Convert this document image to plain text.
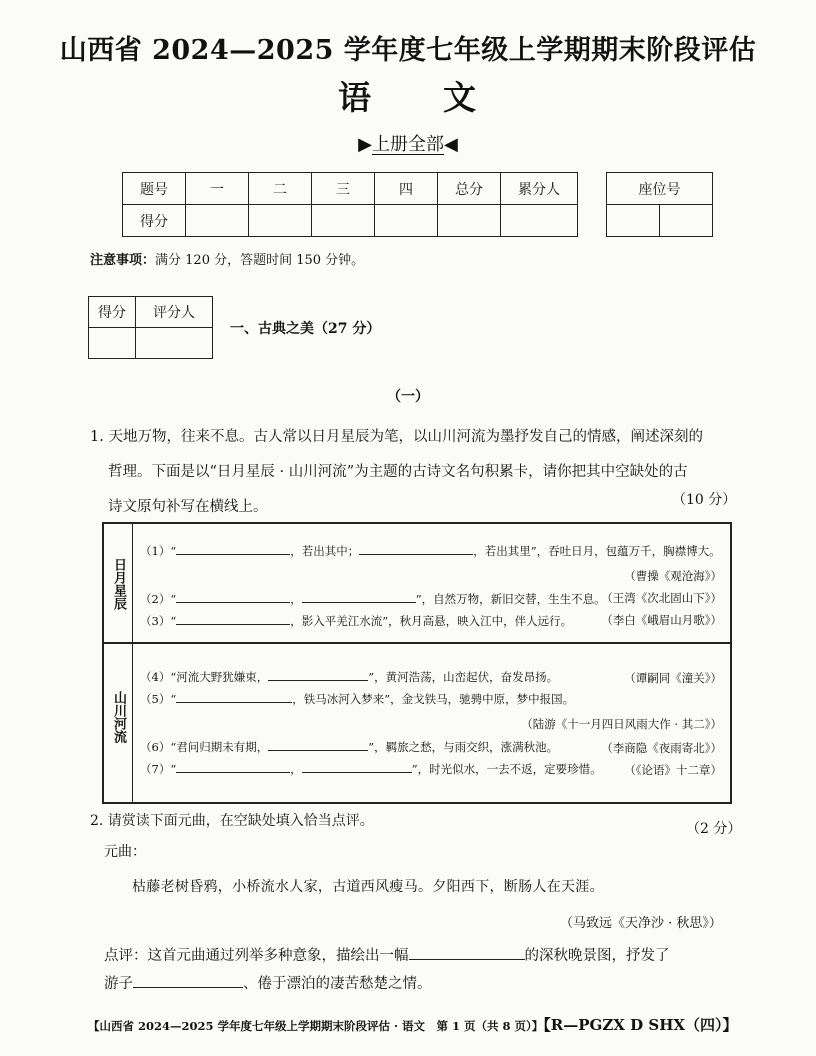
山西省 2024—2025 学年度七年级上学期期末阶段评估
语　　文
▶上册全部◀
题号	一	二	三	四	总分	累分人
得分						
座位号

注意事项：满分 120 分，答题时间 150 分钟。
得分	评分人

一、古典之美（27 分）
（一）
1. 天地万物，往来不息。古人常以日月星辰为笔，以山川河流为墨抒发自己的情感，阐述深刻的
哲理。下面是以“日月星辰 · 山川河流”为主题的古诗文名句积累卡，请你把其中空缺处的古
诗文原句补写在横线上。	（10 分）
日月星辰
山川河流
（1）“	，若出其中；	，若出其里”，吞吐日月，包蕴万千，胸襟博大。
（曹操《观沧海》）
（2）“	，	”，自然万物，新旧交替，生生不息。
（王湾《次北固山下》）
（3）“	，影入平羌江水流”，秋月高悬，映入江中，伴人远行。	（李白《峨眉山月歌》）
（4）“河流大野犹嫌束，	”，黄河浩荡，山峦起伏，奋发昂扬。	（谭嗣同《潼关》）
（5）“	，铁马冰河入梦来”，金戈铁马，驰骋中原，梦中报国。
（陆游《十一月四日风雨大作 · 其二》）
（6）“君问归期未有期，	”，羁旅之愁，与雨交织，涨满秋池。	（李商隐《夜雨寄北》）
（7）“	，	”，时光似水，一去不返，定要珍惜。 （《论语》十二章）
2. 请赏读下面元曲，在空缺处填入恰当点评。	（2 分）
元曲：
枯藤老树昏鸦，小桥流水人家，古道西风瘦马。夕阳西下，断肠人在天涯。
（马致远《天净沙 · 秋思》）
点评：这首元曲通过列举多种意象，描绘出一幅	的深秋晚景图，抒发了
游子	、倦于漂泊的凄苦愁楚之情。
【山西省 2024—2025 学年度七年级上学期期末阶段评估 · 语文　第 1 页（共 8 页）】【R—PGZX D SHX（四）】
